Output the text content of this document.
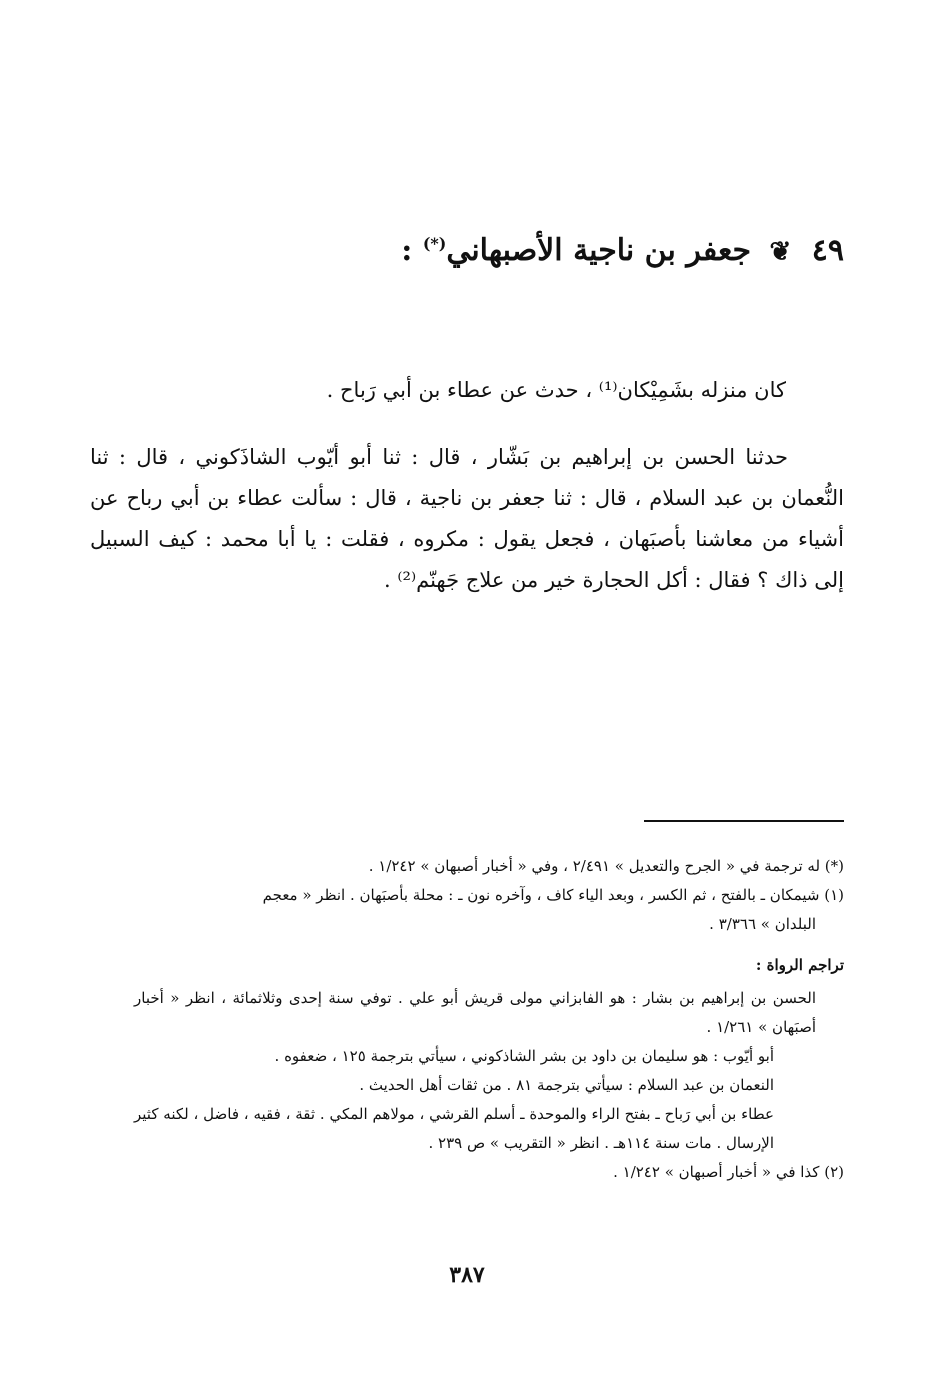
٤٩ ❦ جعفر بن ناجية الأصبهاني(*) :
كان منزله بشَمِيْكان⁽¹⁾ ، حدث عن عطاء بن أبي رَباح .

حدثنا الحسن بن إبراهيم بن بَشّار ، قال : ثنا أبو أيّوب الشاذَكوني ، قال : ثنا النُّعمان بن عبد السلام ، قال : ثنا جعفر بن ناجية ، قال : سألت عطاء بن أبي رباح عن أشياء من معاشنا بأصبَهان ، فجعل يقول : مكروه ، فقلت : يا أبا محمد : كيف السبيل إلى ذاك ؟ فقال : أكل الحجارة خير من علاج جَهنّم⁽²⁾ .

(*) له ترجمة في « الجرح والتعديل » ٢/٤٩١ ، وفي « أخبار أصبهان » ١/٢٤٢ .

(١) شيمكان ـ بالفتح ، ثم الكسر ، وبعد الياء كاف ، وآخره نون ـ : محلة بأصبَهان . انظر « معجم

البلدان » ٣/٣٦٦ .

تراجم الرواة :

الحسن بن إبراهيم بن بشار : هو الفابزاني مولى قريش أبو علي . توفي سنة إحدى وثلاثمائة ، انظر « أخبار أصبَهان » ١/٢٦١ .

أبو أيّوب : هو سليمان بن داود بن بشر الشاذكوني ، سيأتي بترجمة ١٢٥ ، ضعفوه .

النعمان بن عبد السلام : سيأتي بترجمة ٨١ . من ثقات أهل الحديث .

عطاء بن أبي رَباح ـ بفتح الراء والموحدة ـ أسلم القرشي ، مولاهم المكي . ثقة ، فقيه ، فاضل ، لكنه كثير الإرسال . مات سنة ١١٤هـ . انظر « التقريب » ص ٢٣٩ .

(٢) كذا في « أخبار أصبهان » ١/٢٤٢ .

٣٨٧
